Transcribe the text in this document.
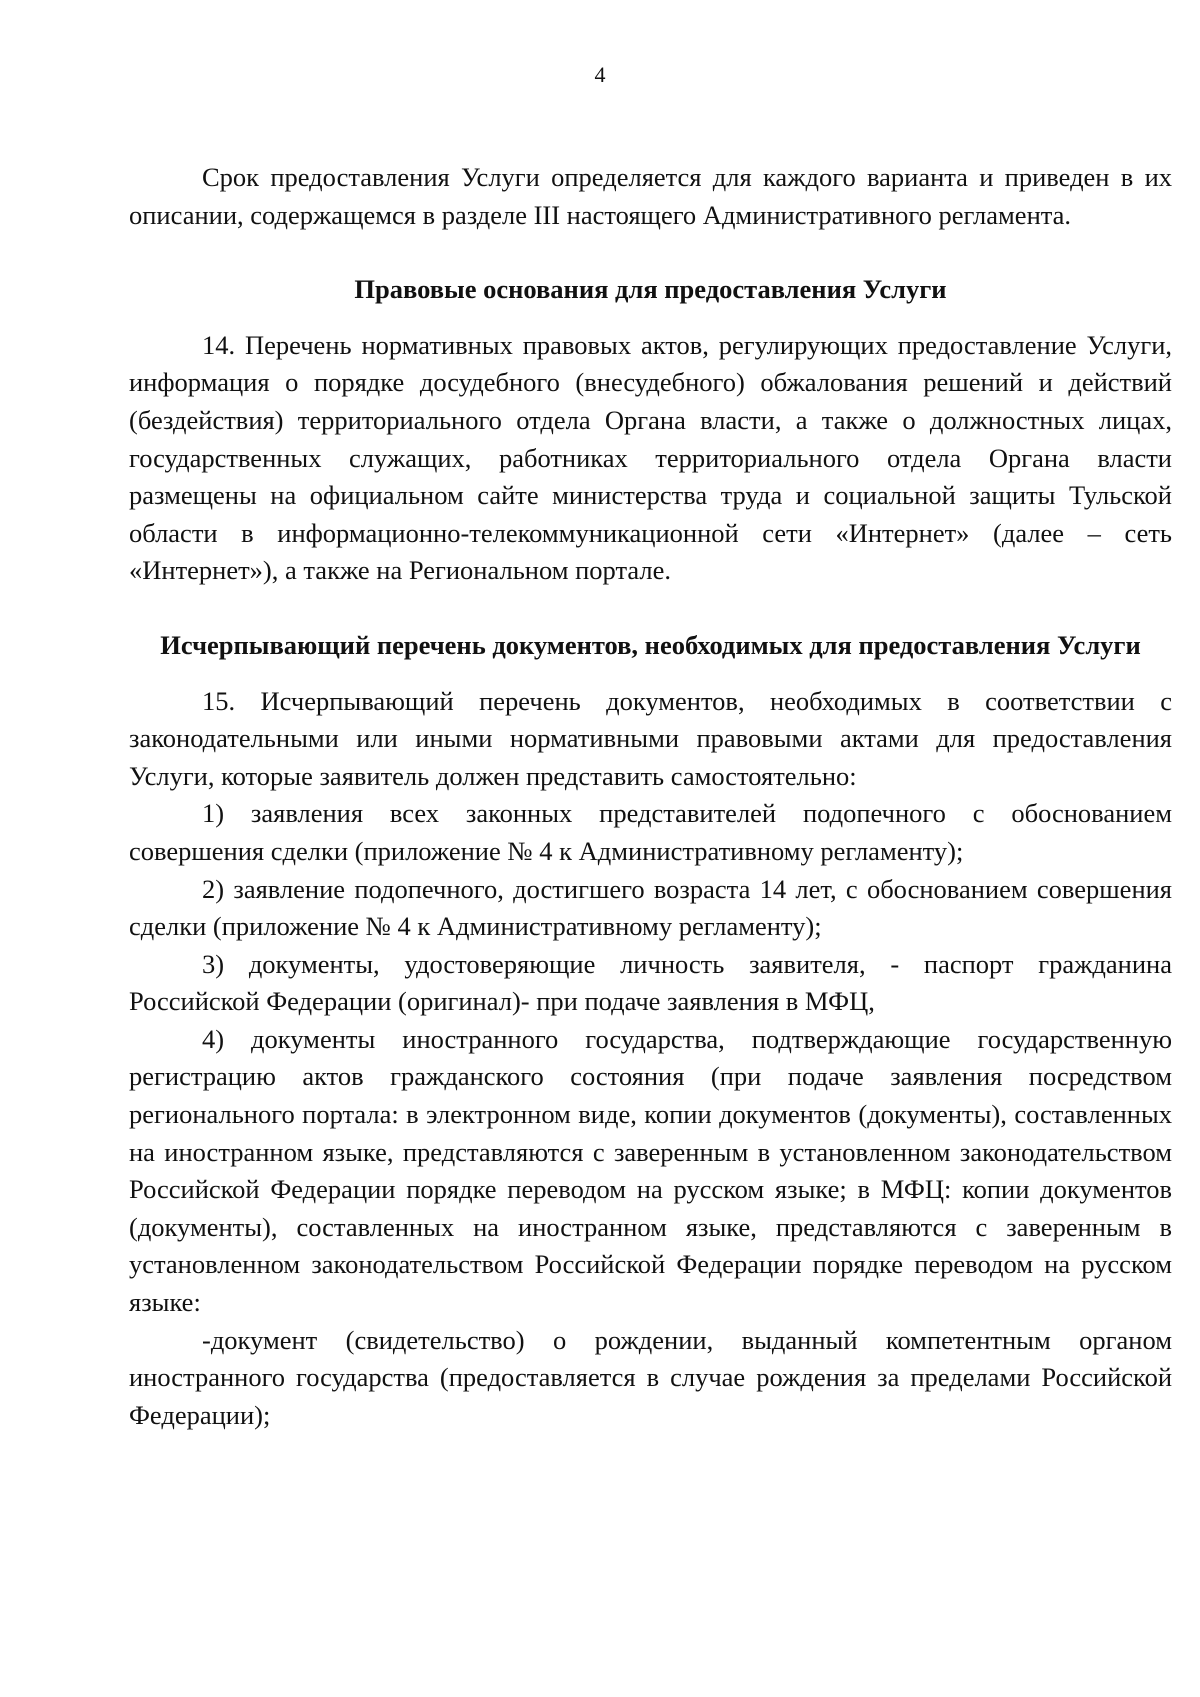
4

Срок предоставления Услуги определяется для каждого варианта и приведен в их описании, содержащемся в разделе III настоящего Административного регламента.

Правовые основания для предоставления Услуги

14. Перечень нормативных правовых актов, регулирующих предоставление Услуги, информация о порядке досудебного (внесудебного) обжалования решений и действий (бездействия) территориального отдела Органа власти, а также о должностных лицах, государственных служащих, работниках территориального отдела Органа власти размещены на официальном сайте министерства труда и социальной защиты Тульской области в информационно-телекоммуникационной сети «Интернет» (далее – сеть «Интернет»), а также на Региональном портале.

Исчерпывающий перечень документов, необходимых для предоставления Услуги

15. Исчерпывающий перечень документов, необходимых в соответствии с законодательными или иными нормативными правовыми актами для предоставления Услуги, которые заявитель должен представить самостоятельно:

1) заявления всех законных представителей подопечного с обоснованием совершения сделки (приложение № 4 к Административному регламенту);

2) заявление подопечного, достигшего возраста 14 лет, с обоснованием совершения сделки (приложение № 4 к Административному регламенту);

3) документы, удостоверяющие личность заявителя, - паспорт гражданина Российской Федерации (оригинал)- при подаче заявления в МФЦ,

4) документы иностранного государства, подтверждающие государственную регистрацию актов гражданского состояния (при подаче заявления посредством регионального портала: в электронном виде, копии документов (документы), составленных на иностранном языке, представляются с заверенным в установленном законодательством Российской Федерации порядке переводом на русском языке; в МФЦ: копии документов (документы), составленных на иностранном языке, представляются с заверенным в установленном законодательством Российской Федерации порядке переводом на русском языке:

-документ (свидетельство) о рождении, выданный компетентным органом иностранного государства (предоставляется в случае рождения за пределами Российской Федерации);
